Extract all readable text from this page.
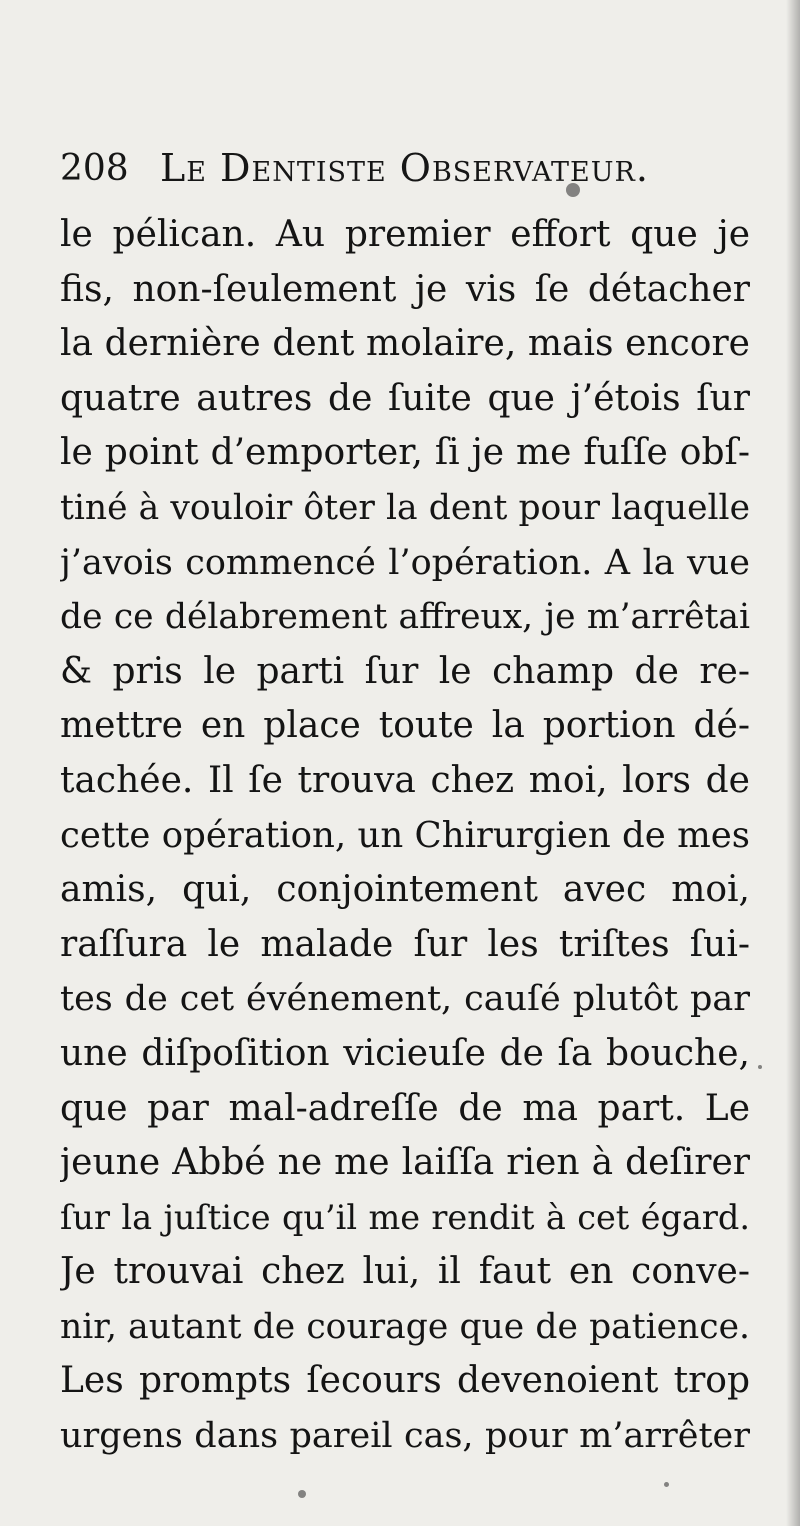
208 Le Dentiste Observateur.
le pélican. Au premier effort que je
fis, non-ſeulement je vis ſe détacher
la dernière dent molaire, mais encore
quatre autres de ſuite que j’étois ſur
le point d’emporter, ſi je me fuſſe obſ-
tiné à vouloir ôter la dent pour laquelle
j’avois commencé l’opération. A la vue
de ce délabrement affreux, je m’arrêtai
& pris le parti ſur le champ de re-
mettre en place toute la portion dé-
tachée. Il ſe trouva chez moi, lors de
cette opération, un Chirurgien de mes
amis, qui, conjointement avec moi,
raſſura le malade ſur les triſtes ſui-
tes de cet événement, cauſé plutôt par
une diſpoſition vicieuſe de ſa bouche,
que par mal-adreſſe de ma part. Le
jeune Abbé ne me laiſſa rien à deſirer
ſur la juſtice qu’il me rendit à cet égard.
Je trouvai chez lui, il faut en conve-
nir, autant de courage que de patience.
Les prompts ſecours devenoient trop
urgens dans pareil cas, pour m’arrêter
